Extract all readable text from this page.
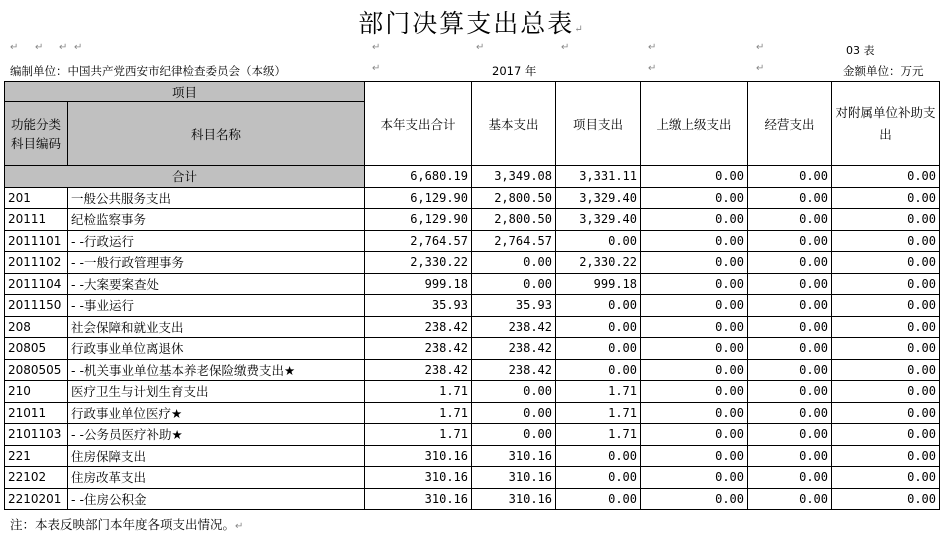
部门决算支出总表↵
↵ ↵ ↵ ↵	↵	↵	↵	↵	↵	03 表
编制单位：中国共产党西安市纪律检查委员会（本级）	↵	2017 年	↵	↵	金额单位：万元
项目		本年支出合计	基本支出	项目支出	上缴上级支出	经营支出	对附属单位补助支出
功能分类科目编码	科目名称						
合计		6,680.19	3,349.08	3,331.11	0.00	0.00	0.00
201	一般公共服务支出	6,129.90	2,800.50	3,329.40	0.00	0.00	0.00
20111	纪检监察事务	6,129.90	2,800.50	3,329.40	0.00	0.00	0.00
2011101	- -行政运行	2,764.57	2,764.57	0.00	0.00	0.00	0.00
2011102	- -一般行政管理事务	2,330.22	0.00	2,330.22	0.00	0.00	0.00
2011104	- -大案要案查处	999.18	0.00	999.18	0.00	0.00	0.00
2011150	- -事业运行	35.93	35.93	0.00	0.00	0.00	0.00
208	社会保障和就业支出	238.42	238.42	0.00	0.00	0.00	0.00
20805	行政事业单位离退休	238.42	238.42	0.00	0.00	0.00	0.00
2080505	- -机关事业单位基本养老保险缴费支出★	238.42	238.42	0.00	0.00	0.00	0.00
210	医疗卫生与计划生育支出	1.71	0.00	1.71	0.00	0.00	0.00
21011	行政事业单位医疗★	1.71	0.00	1.71	0.00	0.00	0.00
2101103	- -公务员医疗补助★	1.71	0.00	1.71	0.00	0.00	0.00
221	住房保障支出	310.16	310.16	0.00	0.00	0.00	0.00
22102	住房改革支出	310.16	310.16	0.00	0.00	0.00	0.00
2210201	- -住房公积金	310.16	310.16	0.00	0.00	0.00	0.00
注：本表反映部门本年度各项支出情况。↵
